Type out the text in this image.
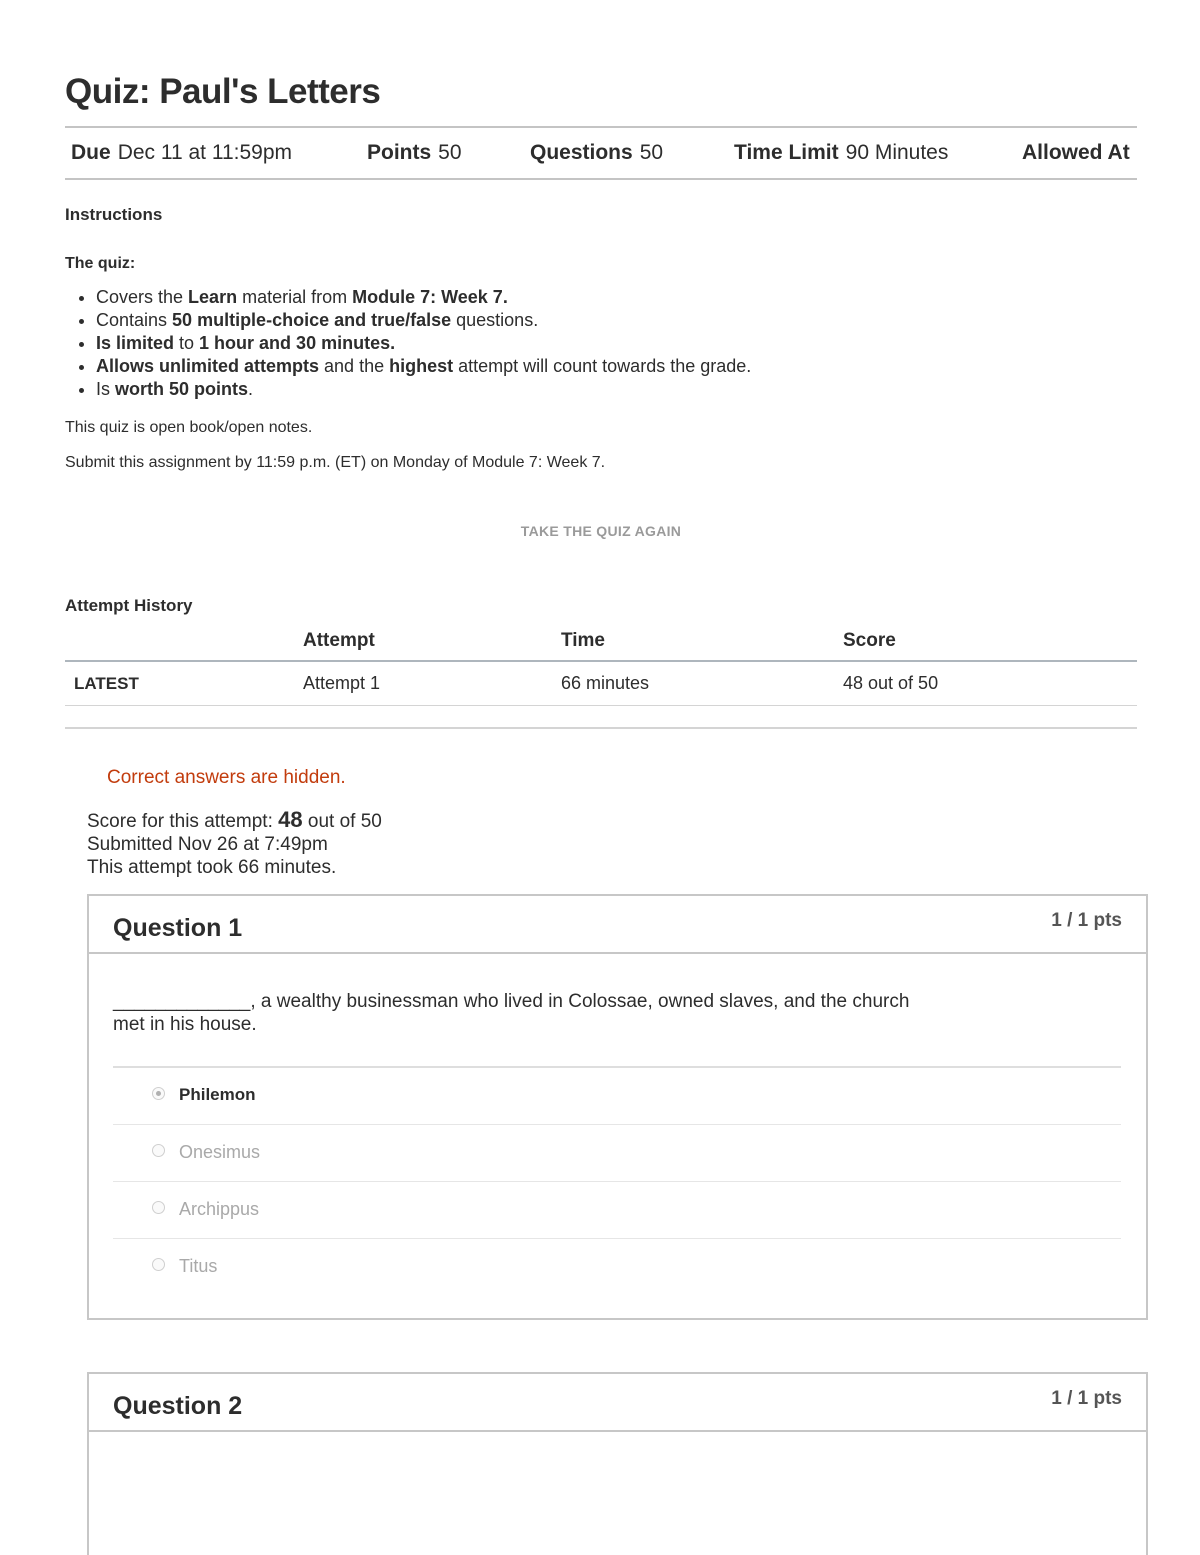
Quiz: Paul's Letters
Due Dec 11 at 11:59pm	Points 50	Questions 50	Time Limit 90 Minutes	Allowed At
Instructions
The quiz:
• Covers the Learn material from Module 7: Week 7.
• Contains 50 multiple-choice and true/false questions.
• Is limited to 1 hour and 30 minutes.
• Allows unlimited attempts and the highest attempt will count towards the grade.
• Is worth 50 points.
This quiz is open book/open notes.
Submit this assignment by 11:59 p.m. (ET) on Monday of Module 7: Week 7.
TAKE THE QUIZ AGAIN
Attempt History
	Attempt	Time	Score
LATEST	Attempt 1	66 minutes	48 out of 50
Correct answers are hidden.
Score for this attempt: 48 out of 50
Submitted Nov 26 at 7:49pm
This attempt took 66 minutes.
Question 1	1 / 1 pts
_____________, a wealthy businessman who lived in Colossae, owned slaves, and the church met in his house.
Philemon
Onesimus
Archippus
Titus
Question 2	1 / 1 pts
